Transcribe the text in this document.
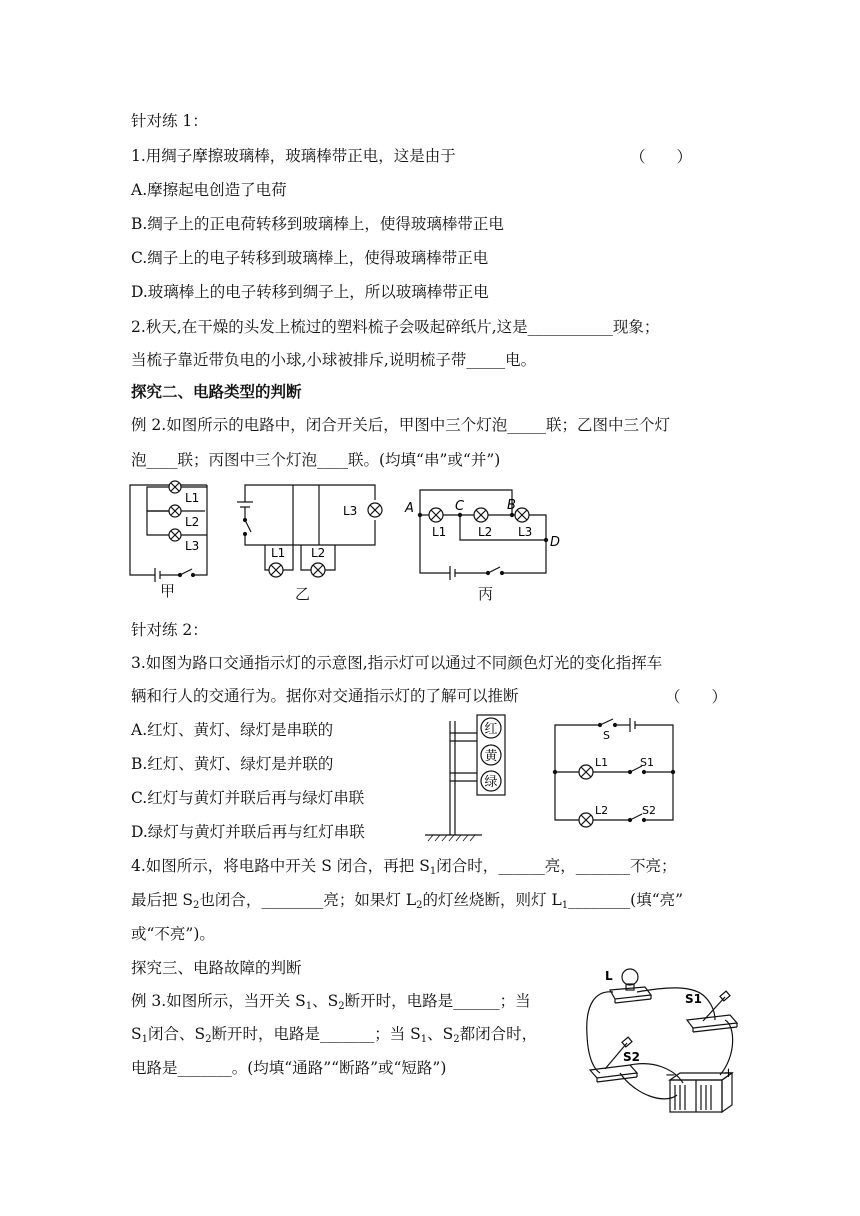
针对练 1：
1.用绸子摩擦玻璃棒，玻璃棒带正电，这是由于	（　　）
A.摩擦起电创造了电荷
B.绸子上的正电荷转移到玻璃棒上，使得玻璃棒带正电
C.绸子上的电子转移到玻璃棒上，使得玻璃棒带正电
D.玻璃棒上的电子转移到绸子上，所以玻璃棒带正电
2.秋天,在干燥的头发上梳过的塑料梳子会吸起碎纸片,这是___________现象；
当梳子靠近带负电的小球,小球被排斥,说明梳子带_____电。
探究二、电路类型的判断
例 2.如图所示的电路中，闭合开关后，甲图中三个灯泡_____联；乙图中三个灯
泡____联；丙图中三个灯泡____联。(均填“串”或“并”)
L1
L2
L3
甲
L3
L1 L2
乙
A	C	B
D
L1	L2 L3
丙
针对练 2：
3.如图为路口交通指示灯的示意图,指示灯可以通过不同颜色灯光的变化指挥车
辆和行人的交通行为。据你对交通指示灯的了解可以推断	（　　）
A.红灯、黄灯、绿灯是串联的
B.红灯、黄灯、绿灯是并联的
C.红灯与黄灯并联后再与绿灯串联
D.绿灯与黄灯并联后再与红灯串联
红
黄
绿
S
L1	S1
L2	S2
4.如图所示，将电路中开关 S 闭合，再把 $S_1$闭合时，______亮，_______不亮；
最后把 $S_2$也闭合，________亮；如果灯 $L_2$的灯丝烧断，则灯 $L_1\_\_\_\_\_\_\_\_$(填“亮”
或“不亮”)。
探究三、电路故障的判断
例 3.如图所示，当开关 $S_1$、$S_2$断开时，电路是______；当
$S_1$闭合、$S_2$断开时，电路是_______；当 $S_1$、$S_2$都闭合时，
电路是_______。(均填“通路”“断路”或“短路”)
L
S1
S2
−	+
